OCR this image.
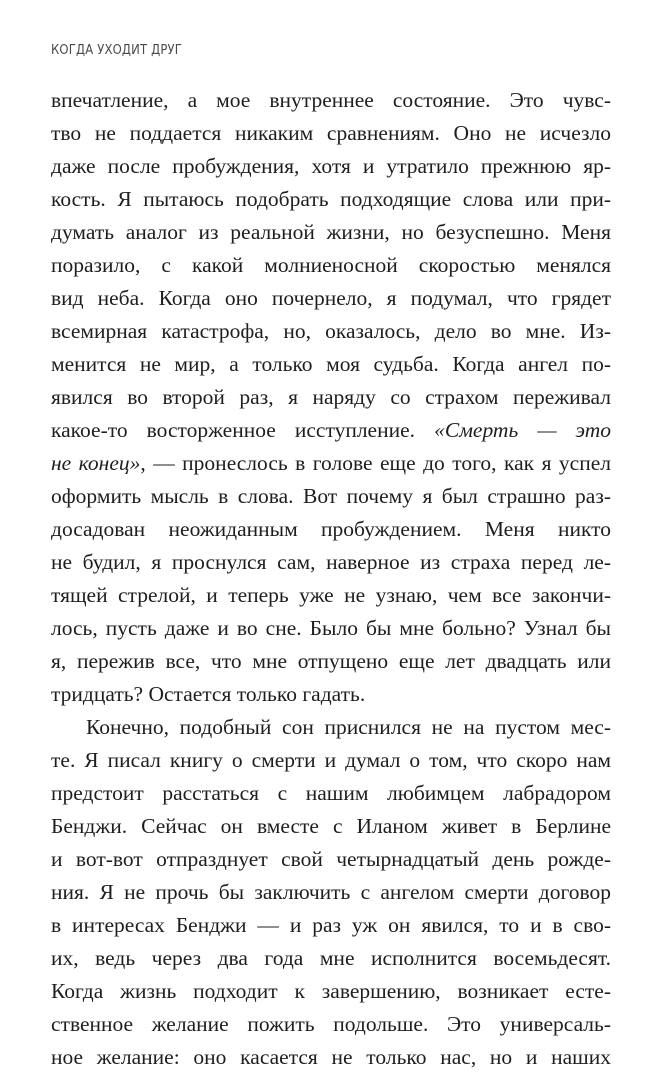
КОГДА УХОДИТ ДРУГ
впечатление, а мое внутреннее состояние. Это чувс-
тво не поддается никаким сравнениям. Оно не исчезло
даже после пробуждения, хотя и утратило прежнюю яр-
кость. Я пытаюсь подобрать подходящие слова или при-
думать аналог из реальной жизни, но безуспешно. Меня
поразило, с какой молниеносной скоростью менялся
вид неба. Когда оно почернело, я подумал, что грядет
всемирная катастрофа, но, оказалось, дело во мне. Из-
менится не мир, а только моя судьба. Когда ангел по-
явился во второй раз, я наряду со страхом переживал
какое-то восторженное исступление. «Смерть — это
не конец», — пронеслось в голове еще до того, как я успел
оформить мысль в слова. Вот почему я был страшно раз-
досадован неожиданным пробуждением. Меня никто
не будил, я проснулся сам, наверное из страха перед ле-
тящей стрелой, и теперь уже не узнаю, чем все закончи-
лось, пусть даже и во сне. Было бы мне больно? Узнал бы
я, пережив все, что мне отпущено еще лет двадцать или
тридцать? Остается только гадать.
Конечно, подобный сон приснился не на пустом мес-
те. Я писал книгу о смерти и думал о том, что скоро нам
предстоит расстаться с нашим любимцем лабрадором
Бенджи. Сейчас он вместе с Иланом живет в Берлине
и вот-вот отпразднует свой четырнадцатый день рожде-
ния. Я не прочь бы заключить с ангелом смерти договор
в интересах Бенджи — и раз уж он явился, то и в сво-
их, ведь через два года мне исполнится восемьдесят.
Когда жизнь подходит к завершению, возникает есте-
ственное желание пожить подольше. Это универсаль-
ное желание: оно касается не только нас, но и наших
